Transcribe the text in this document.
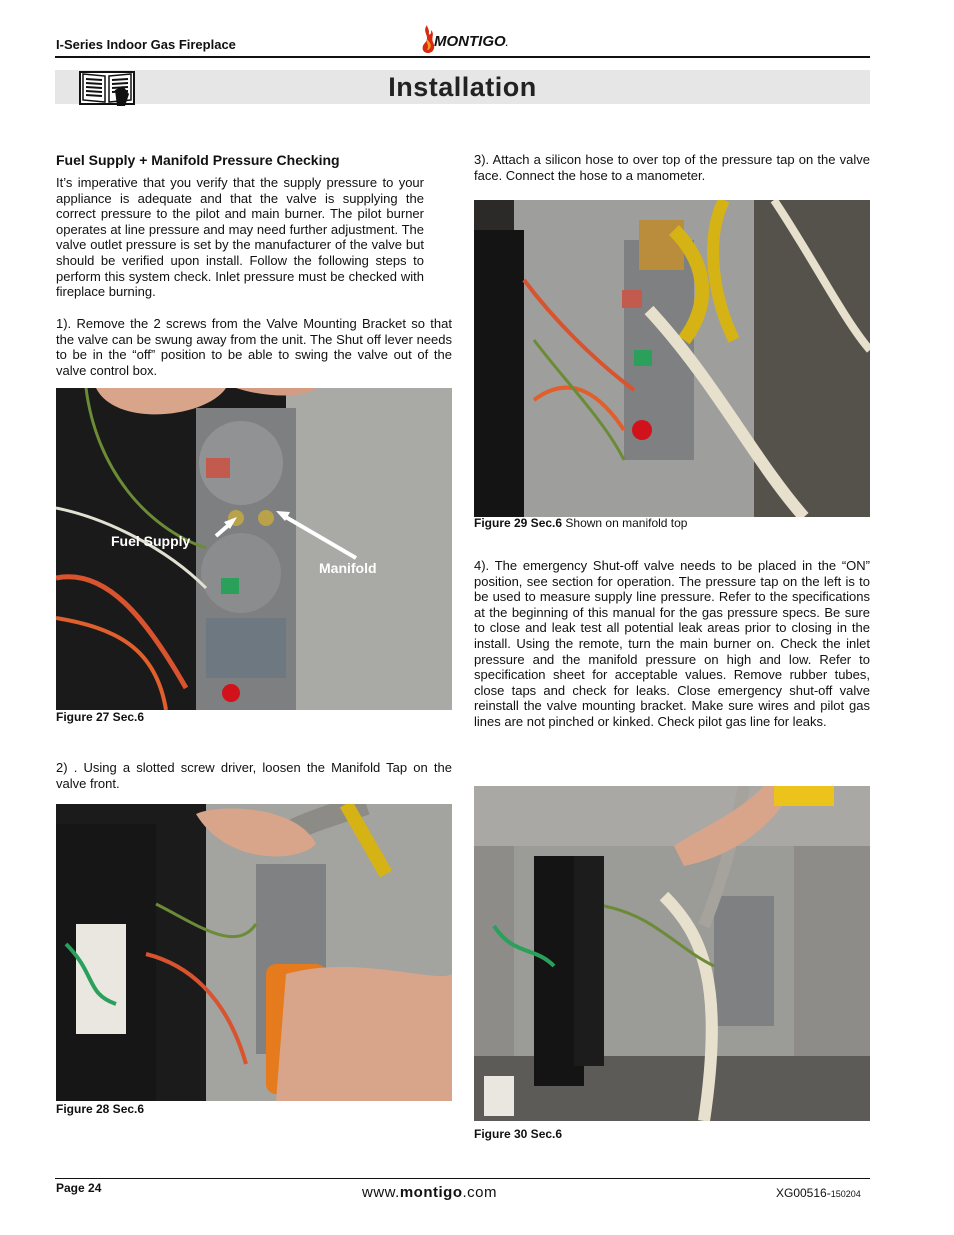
I-Series Indoor Gas Fireplace	MONTIGO.
Installation
Fuel Supply + Manifold Pressure Checking
It’s imperative that you verify that the supply pressure to your appliance is adequate and that the valve is supplying the correct pressure to the pilot and main burner. The pilot burner operates at line pressure and may need further adjustment. The valve outlet pressure is set by the manufacturer of the valve but should be verified upon install. Follow the following steps to perform this system check. Inlet pressure must be checked with fireplace burning.
1). Remove the 2 screws from the Valve Mounting Bracket so that the valve can be swung away from the unit. The Shut off lever needs to be in the “off” position to be able to swing the valve out of the valve control box.
Fuel Supply
Manifold
Figure 27 Sec.6
2) . Using a slotted screw driver, loosen the Manifold Tap on the valve front.
Figure 28 Sec.6
3). Attach a silicon hose to over top of the pressure tap on the valve face. Connect the hose to a manometer.
Figure 29 Sec.6 Shown on manifold top
4). The emergency Shut-off valve needs to be placed in the “ON” position, see section for operation. The pressure tap on the left is to be used to measure supply line pressure. Refer to the specifications at the beginning of this manual for the gas pressure specs. Be sure to close and leak test all potential leak areas prior to closing in the install. Using the remote, turn the main burner on. Check the inlet pressure and the manifold pressure on high and low. Refer to specification sheet for acceptable values. Remove rubber tubes, close taps and check for leaks. Close emergency shut-off valve reinstall the valve mounting bracket. Make sure wires and pilot gas lines are not pinched or kinked. Check pilot gas line for leaks.
Figure 30 Sec.6
Page 24	www.montigo.com	XG00516-150204
